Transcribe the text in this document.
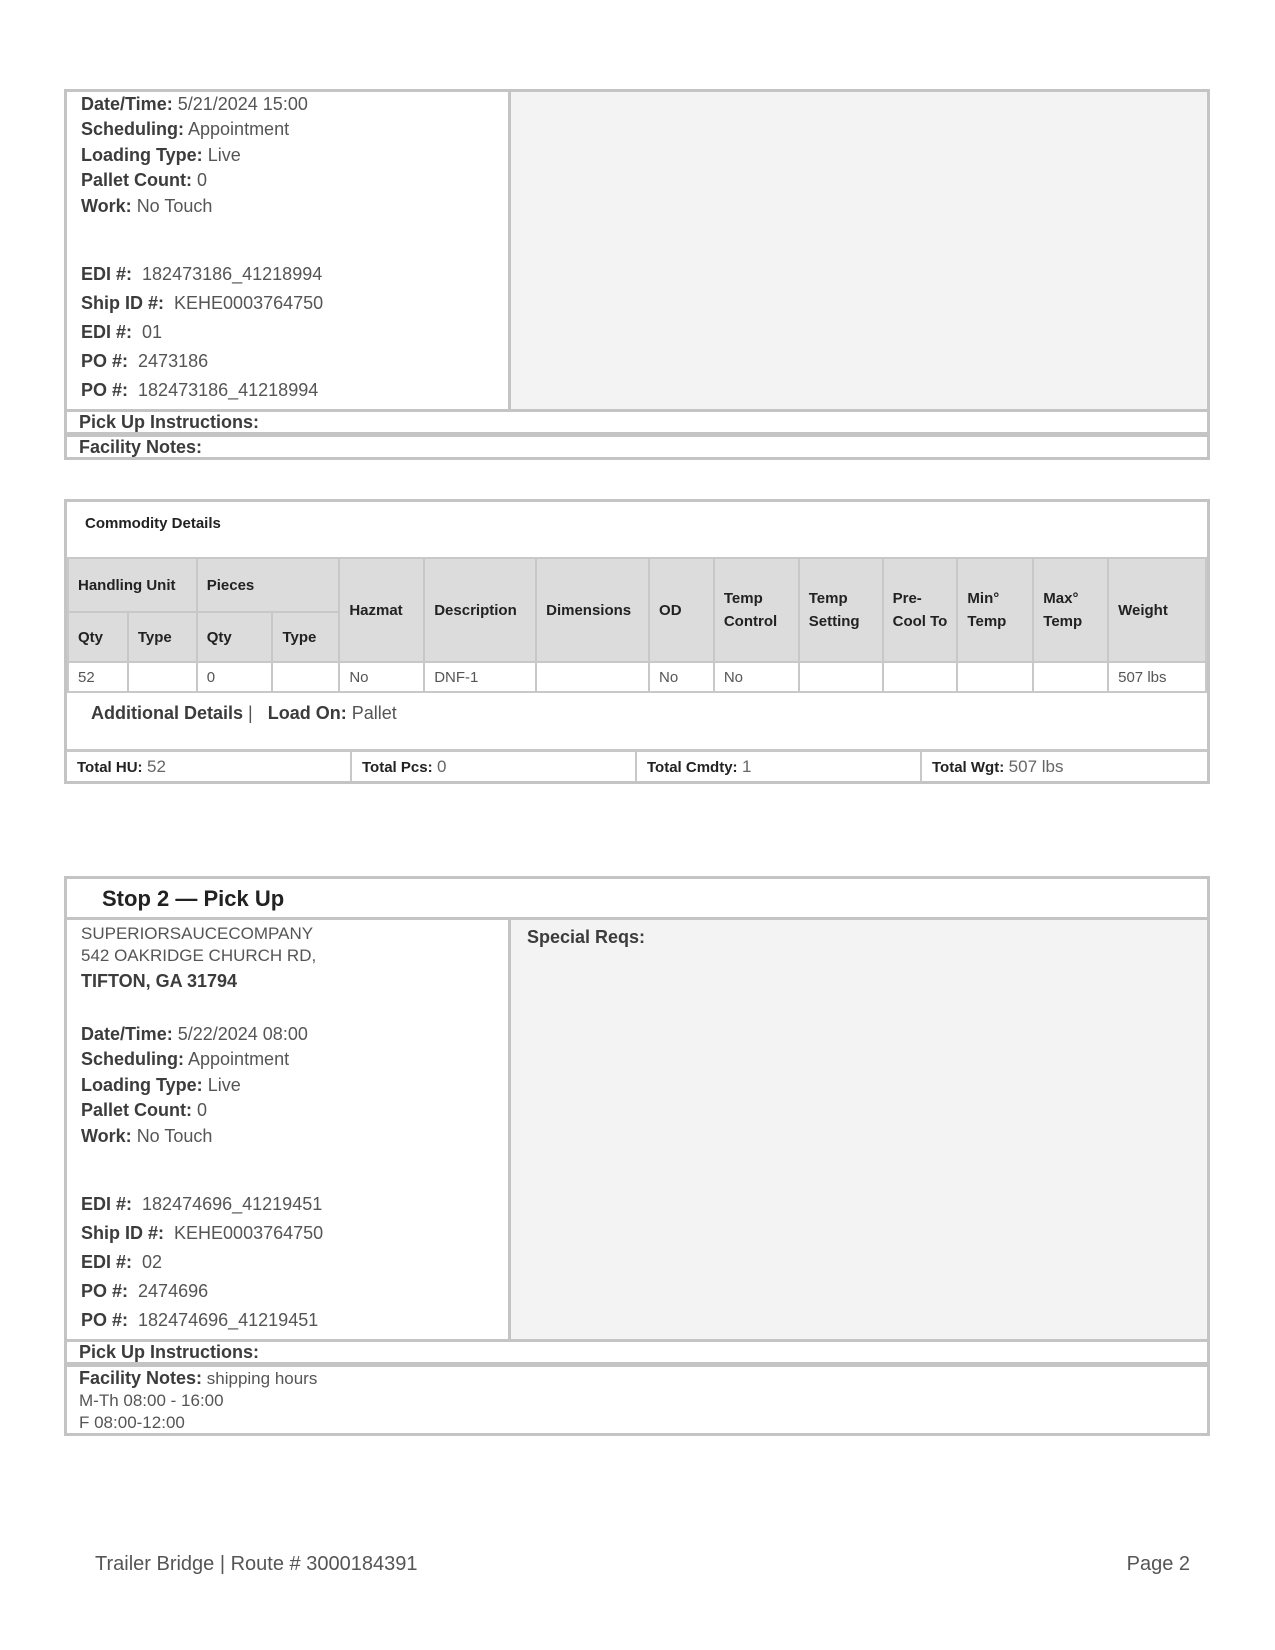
Date/Time: 5/21/2024 15:00
Scheduling: Appointment
Loading Type: Live
Pallet Count: 0
Work: No Touch
EDI #: 182473186_41218994
Ship ID #: KEHE0003764750
EDI #: 01
PO #: 2473186
PO #: 182473186_41218994
Pick Up Instructions:
Facility Notes:
Commodity Details
Handling Unit		Pieces		Hazmat	Description	Dimensions	OD	Temp Control	Temp Setting	Pre-Cool To	Min° Temp	Max° Temp	Weight
Qty	Type	Qty	Type										
52		0		No	DNF-1		No	No					507 lbs
Additional Details |   Load On: Pallet
Total HU: 52	Total Pcs: 0	Total Cmdty: 1	Total Wgt: 507 lbs
Stop 2 — Pick Up
SUPERIORSAUCECOMPANY
542 OAKRIDGE CHURCH RD,
TIFTON, GA 31794
Date/Time: 5/22/2024 08:00
Scheduling: Appointment
Loading Type: Live
Pallet Count: 0
Work: No Touch
EDI #: 182474696_41219451
Ship ID #: KEHE0003764750
EDI #: 02
PO #: 2474696
PO #: 182474696_41219451
Special Reqs:
Pick Up Instructions:
Facility Notes: shipping hours
M-Th 08:00 - 16:00
F 08:00-12:00
Trailer Bridge | Route # 3000184391	Page 2
